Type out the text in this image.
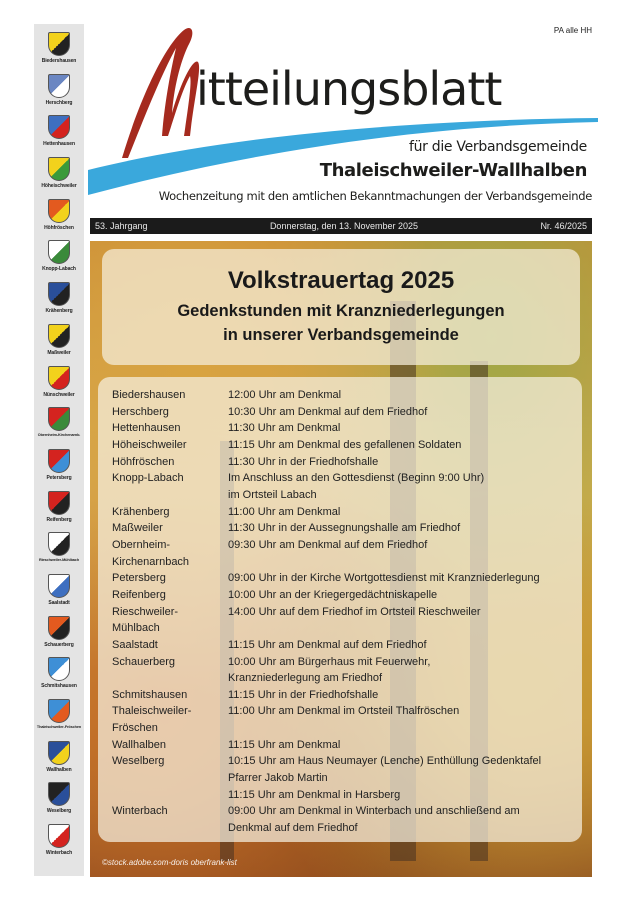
Biedershausen
Herschberg
Hettenhausen
Höheischweiler
Höhfröschen
Knopp-Labach
Krähenberg
Maßweiler
Nünschweiler
Obernheim-Kirchenarnb.
Petersberg
Reifenberg
Rieschweiler-Mühlbach
Saalstadt
Schauerberg
Schmitshausen
Thaleischweiler-Fröschen
Wallhalben
Weselberg
Winterbach
PA alle HH
itteilungsblatt
für die Verbandsgemeinde
Thaleischweiler-Wallhalben
Wochenzeitung mit den amtlichen Bekanntmachungen der Verbandsgemeinde
53. Jahrgang	Donnerstag, den 13. November 2025	Nr. 46/2025
Volkstrauertag 2025
Gedenkstunden mit Kranzniederlegungen
in unserer Verbandsgemeinde
Biedershausen	12:00 Uhr am Denkmal
Herschberg	10:30 Uhr am Denkmal auf dem Friedhof
Hettenhausen	11:30 Uhr am Denkmal
Höheischweiler	11:15 Uhr am Denkmal des gefallenen Soldaten
Höhfröschen	11:30 Uhr in der Friedhofshalle
Knopp-Labach	Im Anschluss an den Gottesdienst (Beginn 9:00 Uhr)
im Ortsteil Labach
Krähenberg	11:00 Uhr am Denkmal
Maßweiler	11:30 Uhr in der Aussegnungshalle am Friedhof
Obernheim-	09:30 Uhr am Denkmal auf dem Friedhof
Kirchenarnbach
Petersberg	09:00 Uhr in der Kirche Wortgottesdienst mit Kranzniederlegung
Reifenberg	10:00 Uhr an der Kriegergedächtniskapelle
Rieschweiler-	14:00 Uhr auf dem Friedhof im Ortsteil Rieschweiler
Mühlbach
Saalstadt	11:15 Uhr am Denkmal auf dem Friedhof
Schauerberg	10:00 Uhr am Bürgerhaus mit Feuerwehr,
Kranzniederlegung am Friedhof
Schmitshausen	11:15 Uhr in der Friedhofshalle
Thaleischweiler-	11:00 Uhr am Denkmal im Ortsteil Thalfröschen
Fröschen
Wallhalben	11:15 Uhr am Denkmal
Weselberg	10:15 Uhr am Haus Neumayer (Lenche) Enthüllung Gedenktafel
Pfarrer Jakob Martin
11:15 Uhr am Denkmal in Harsberg
Winterbach	09:00 Uhr am Denkmal in Winterbach und anschließend am
Denkmal auf dem Friedhof
©stock.adobe.com-doris oberfrank-list
